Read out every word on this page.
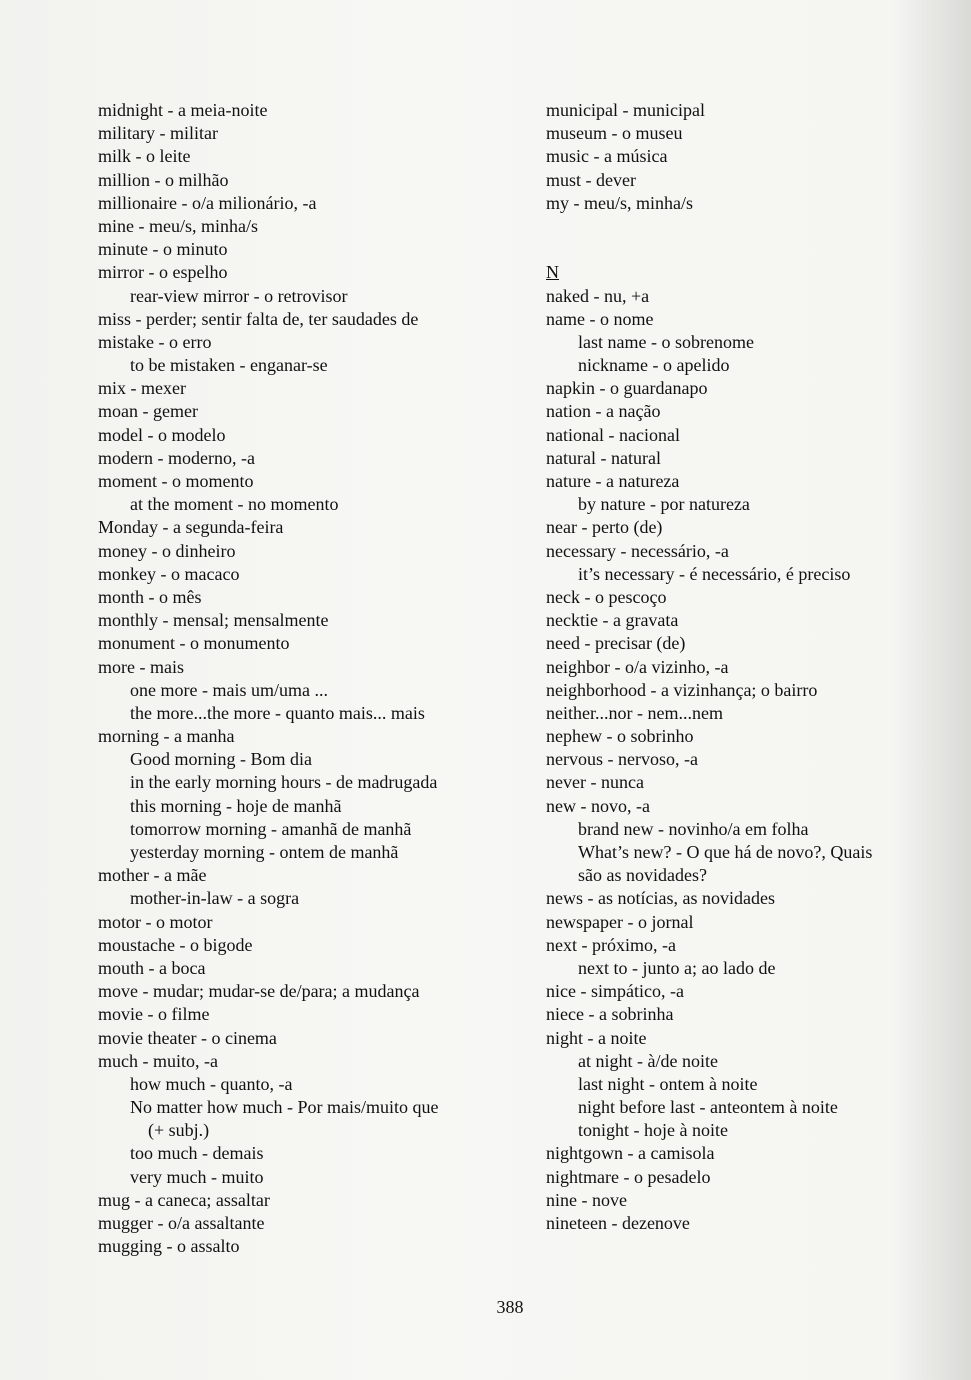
midnight - a meia-noite
military - militar
milk - o leite
million - o milhão
millionaire - o/a milionário, -a
mine - meu/s, minha/s
minute - o minuto
mirror - o espelho
rear-view mirror - o retrovisor
miss - perder; sentir falta de, ter saudades de
mistake - o erro
to be mistaken - enganar-se
mix - mexer
moan - gemer
model - o modelo
modern - moderno, -a
moment - o momento
at the moment - no momento
Monday - a segunda-feira
money - o dinheiro
monkey - o macaco
month - o mês
monthly - mensal; mensalmente
monument - o monumento
more - mais
one more - mais um/uma ...
the more...the more - quanto mais... mais
morning - a manha
Good morning - Bom dia
in the early morning hours - de madrugada
this morning - hoje de manhã
tomorrow morning - amanhã de manhã
yesterday morning - ontem de manhã
mother - a mãe
mother-in-law - a sogra
motor - o motor
moustache - o bigode
mouth - a boca
move - mudar; mudar-se de/para; a mudança
movie - o filme
movie theater - o cinema
much - muito, -a
how much - quanto, -a
No matter how much - Por mais/muito que
(+ subj.)
too much - demais
very much - muito
mug - a caneca; assaltar
mugger - o/a assaltante
mugging - o assalto
municipal - municipal
museum - o museu
music - a música
must - dever
my - meu/s, minha/s
N
naked - nu, +a
name - o nome
last name - o sobrenome
nickname - o apelido
napkin - o guardanapo
nation - a nação
national - nacional
natural - natural
nature - a natureza
by nature - por natureza
near - perto (de)
necessary - necessário, -a
it’s necessary - é necessário, é preciso
neck - o pescoço
necktie - a gravata
need - precisar (de)
neighbor - o/a vizinho, -a
neighborhood - a vizinhança; o bairro
neither...nor - nem...nem
nephew - o sobrinho
nervous - nervoso, -a
never - nunca
new - novo, -a
brand new - novinho/a em folha
What’s new? - O que há de novo?, Quais
são as novidades?
news - as notícias, as novidades
newspaper - o jornal
next - próximo, -a
next to - junto a; ao lado de
nice - simpático, -a
niece - a sobrinha
night - a noite
at night - à/de noite
last night - ontem à noite
night before last - anteontem à noite
tonight - hoje à noite
nightgown - a camisola
nightmare - o pesadelo
nine - nove
nineteen - dezenove
388
